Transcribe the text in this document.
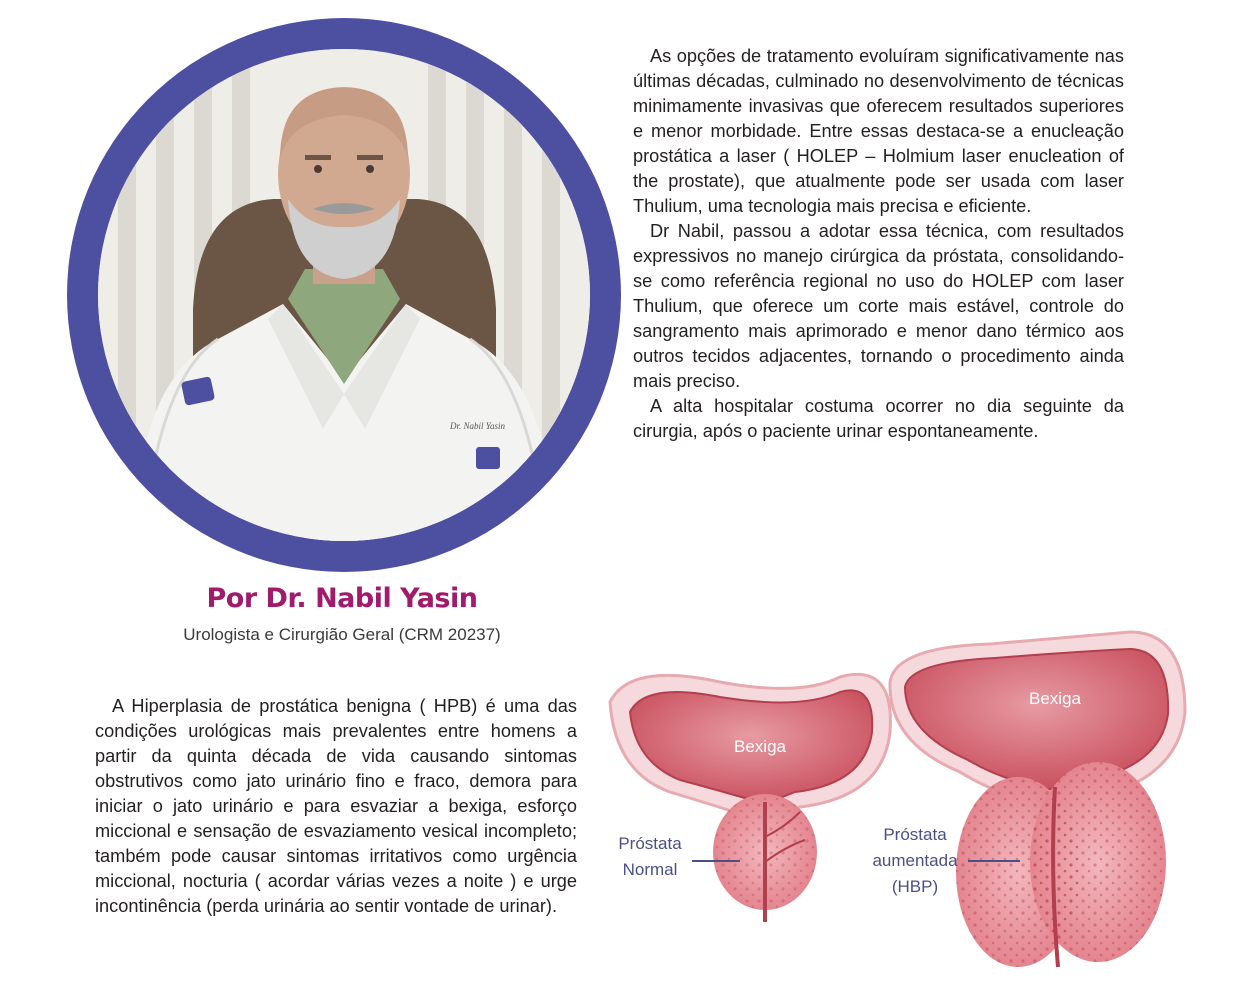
Dr. Nabil Yasin
Por Dr. Nabil Yasin
Urologista e Cirurgião Geral (CRM 20237)

As opções de tratamento evoluíram significativamente nas últimas décadas, culminado no desenvolvimento de técnicas minimamente invasivas que oferecem resultados superiores e menor morbidade. Entre essas destaca-se a enucleação prostática a laser ( HOLEP – Holmium laser enucleation of the prostate), que atualmente pode ser usada com laser Thulium, uma tecnologia mais precisa e eficiente.

Dr Nabil, passou a adotar essa técnica, com resultados expressivos no manejo cirúrgica da próstata, consolidando-se como referência regional no uso do HOLEP com laser Thulium, que oferece um corte mais estável, controle do sangramento mais aprimorado e menor dano térmico aos outros tecidos adjacentes, tornando o procedimento ainda mais preciso.

A alta hospitalar costuma ocorrer no dia seguinte da cirurgia, após o paciente urinar espontaneamente.

A Hiperplasia de prostática benigna ( HPB) é uma das condições urológicas mais prevalentes entre homens a partir da quinta década de vida causando sintomas obstrutivos como jato urinário fino e fraco, demora para iniciar o jato urinário e para esvaziar a bexiga, esforço miccional e sensação de esvaziamento vesical incompleto; também pode causar sintomas irritativos como urgência miccional, nocturia ( acordar várias vezes a noite ) e urge incontinência (perda urinária ao sentir vontade de urinar).

Bexiga
Próstata
Normal
Bexiga
Próstata
aumentada
(HBP)
